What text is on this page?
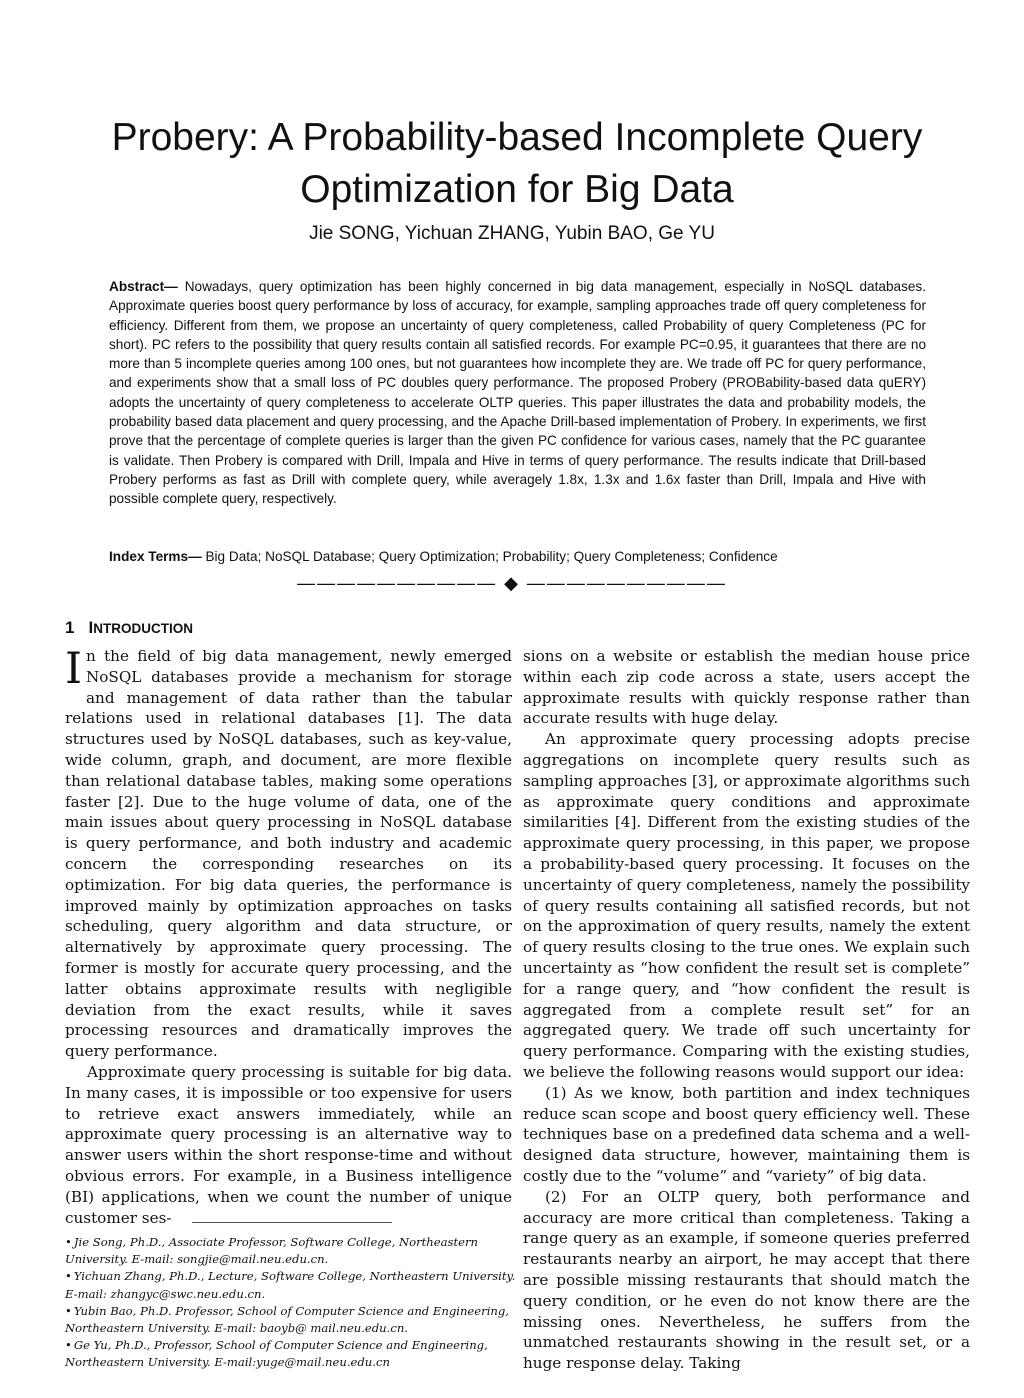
Probery: A Probability-based Incomplete Query Optimization for Big Data
Jie SONG, Yichuan ZHANG, Yubin BAO, Ge YU

Abstract— Nowadays, query optimization has been highly concerned in big data management, especially in NoSQL databases. Approximate queries boost query performance by loss of accuracy, for example, sampling approaches trade off query completeness for efficiency. Different from them, we propose an uncertainty of query completeness, called Probability of query Completeness (PC for short). PC refers to the possibility that query results contain all satisfied records. For example PC=0.95, it guarantees that there are no more than 5 incomplete queries among 100 ones, but not guarantees how incomplete they are. We trade off PC for query performance, and experiments show that a small loss of PC doubles query performance. The proposed Probery (PROBability-based data quERY) adopts the uncertainty of query completeness to accelerate OLTP queries. This paper illustrates the data and probability models, the probability based data placement and query processing, and the Apache Drill-based implementation of Probery. In experiments, we first prove that the percentage of complete queries is larger than the given PC confidence for various cases, namely that the PC guarantee is validate. Then Probery is compared with Drill, Impala and Hive in terms of query performance. The results indicate that Drill-based Probery performs as fast as Drill with complete query, while averagely 1.8x, 1.3x and 1.6x faster than Drill, Impala and Hive with possible complete query, respectively.

Index Terms— Big Data; NoSQL Database; Query Optimization; Probability; Query Completeness; Confidence

—————————— ◆ ——————————
1 INTRODUCTION

In the field of big data management, newly emerged NoSQL databases provide a mechanism for storage and management of data rather than the tabular relations used in relational databases [1]. The data structures used by NoSQL databases, such as key-value, wide column, graph, and document, are more flexible than relational database tables, making some operations faster [2]. Due to the huge volume of data, one of the main issues about query processing in NoSQL database is query performance, and both industry and academic concern the corresponding researches on its optimization. For big data queries, the performance is improved mainly by optimization approaches on tasks scheduling, query algorithm and data structure, or alternatively by approximate query processing. The former is mostly for accurate query processing, and the latter obtains approximate results with negligible deviation from the exact results, while it saves processing resources and dramatically improves the query performance.

Approximate query processing is suitable for big data. In many cases, it is impossible or too expensive for users to retrieve exact answers immediately, while an approximate query processing is an alternative way to answer users within the short response-time and without obvious errors. For example, in a Business intelligence (BI) applications, when we count the number of unique customer ses-

sions on a website or establish the median house price within each zip code across a state, users accept the approximate results with quickly response rather than accurate results with huge delay.

An approximate query processing adopts precise aggregations on incomplete query results such as sampling approaches [3], or approximate algorithms such as approximate query conditions and approximate similarities [4]. Different from the existing studies of the approximate query processing, in this paper, we propose a probability-based query processing. It focuses on the uncertainty of query completeness, namely the possibility of query results containing all satisfied records, but not on the approximation of query results, namely the extent of query results closing to the true ones. We explain such uncertainty as “how confident the result set is complete” for a range query, and “how confident the result is aggregated from a complete result set” for an aggregated query. We trade off such uncertainty for query performance. Comparing with the existing studies, we believe the following reasons would support our idea:

(1) As we know, both partition and index techniques reduce scan scope and boost query efficiency well. These techniques base on a predefined data schema and a well-designed data structure, however, maintaining them is costly due to the “volume” and “variety” of big data.

(2) For an OLTP query, both performance and accuracy are more critical than completeness. Taking a range query as an example, if someone queries preferred restaurants nearby an airport, he may accept that there are possible missing restaurants that should match the query condition, or he even do not know there are the missing ones. Nevertheless, he suffers from the unmatched restaurants showing in the result set, or a huge response delay. Taking

• Jie Song, Ph.D., Associate Professor, Software College, Northeastern University. E-mail: songjie@mail.neu.edu.cn.

• Yichuan Zhang, Ph.D., Lecture, Software College, Northeastern University. E-mail: zhangyc@swc.neu.edu.cn.

• Yubin Bao, Ph.D. Professor, School of Computer Science and Engineering, Northeastern University. E-mail: baoyb@ mail.neu.edu.cn.

• Ge Yu, Ph.D., Professor, School of Computer Science and Engineering, Northeastern University. E-mail:yuge@mail.neu.edu.cn
